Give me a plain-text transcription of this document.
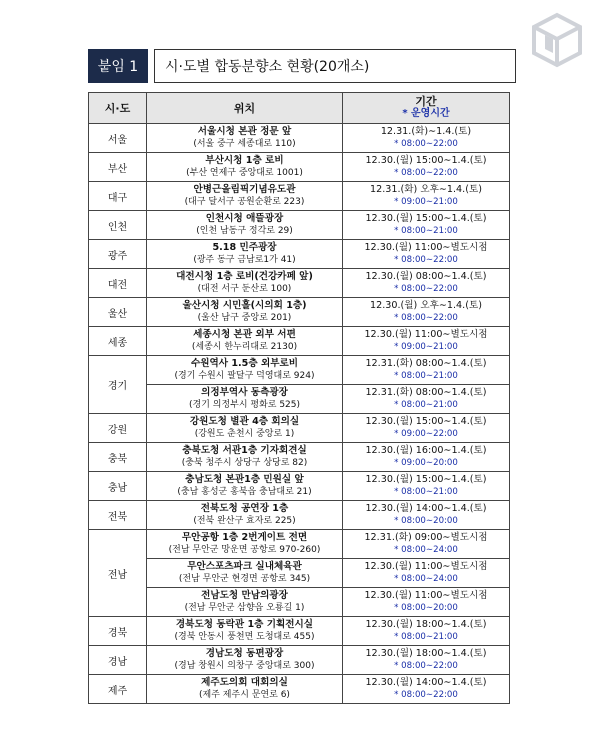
붙임 1	시·도별 합동분향소 현황(20개소)
시·도	위치	기간
* 운영시간

서울	서울시청 본관 정문 앞
(서울 중구 세종대로 110)	12.31.(화)∼1.4.(토)
* 08:00∼22:00

부산	부산시청 1층 로비
(부산 연제구 중앙대로 1001)	12.30.(월) 15:00∼1.4.(토)
* 08:00∼22:00

대구	안병근올림픽기념유도관
(대구 달서구 공원순환로 223)	12.31.(화) 오후∼1.4.(토)
* 09:00∼21:00

인천	인천시청 애뜰광장
(인천 남동구 정각로 29)	12.30.(월) 15:00∼1.4.(토)
* 08:00∼21:00

광주	5.18 민주광장
(광주 동구 금남로1가 41)	12.30.(월) 11:00∼별도시점
* 08:00∼22:00

대전	대전시청 1층 로비(건강카페 앞)
(대전 서구 둔산로 100)	12.30.(월) 08:00∼1.4.(토)
* 08:00∼22:00

울산	울산시청 시민홀(시의회 1층)
(울산 남구 중앙로 201)	12.30.(월) 오후∼1.4.(토)
* 08:00∼22:00

세종	세종시청 본관 외부 서편
(세종시 한누리대로 2130)	12.30.(월) 11:00∼별도시점
* 09:00∼21:00

경기	수원역사 1.5층 외부로비
(경기 수원시 팔달구 덕영대로 924)	12.31.(화) 08:00∼1.4.(토)
* 08:00∼21:00

	의정부역사 동측광장
(경기 의정부시 평화로 525)	12.31.(화) 08:00∼1.4.(토)
* 08:00∼21:00

강원	강원도청 별관 4층 회의실
(강원도 춘천시 중앙로 1)	12.30.(월) 15:00∼1.4.(토)
* 09:00∼22:00

충북	충북도청 서관1층 기자회견실
(충북 청주시 상당구 상당로 82)	12.30.(월) 16:00∼1.4.(토)
* 09:00∼20:00

충남	충남도청 본관1층 민원실 앞
(충남 홍성군 홍북읍 충남대로 21)	12.30.(월) 15:00∼1.4.(토)
* 08:00∼21:00

전북	전북도청 공연장 1층
(전북 완산구 효자로 225)	12.30.(월) 14:00∼1.4.(토)
* 08:00∼20:00

전남	무안공항 1층 2번게이트 전면
(전남 무안군 망운면 공항로 970-260)	12.31.(화) 09:00∼별도시점
* 08:00∼24:00

	무안스포츠파크 실내체육관
(전남 무안군 현경면 공항로 345)	12.30.(월) 11:00∼별도시점
* 08:00∼24:00

	전남도청 만남의광장
(전남 무안군 삼향읍 오룡길 1)	12.30.(월) 11:00∼별도시점
* 08:00∼20:00

경북	경북도청 동락관 1층 기획전시실
(경북 안동시 풍천면 도청대로 455)	12.30.(월) 18:00∼1.4.(토)
* 08:00∼21:00

경남	경남도청 동편광장
(경남 창원시 의창구 중앙대로 300)	12.30.(월) 18:00∼1.4.(토)
* 08:00∼22:00

제주	제주도의회 대회의실
(제주 제주시 문연로 6)	12.30.(월) 14:00∼1.4.(토)
* 08:00∼22:00
